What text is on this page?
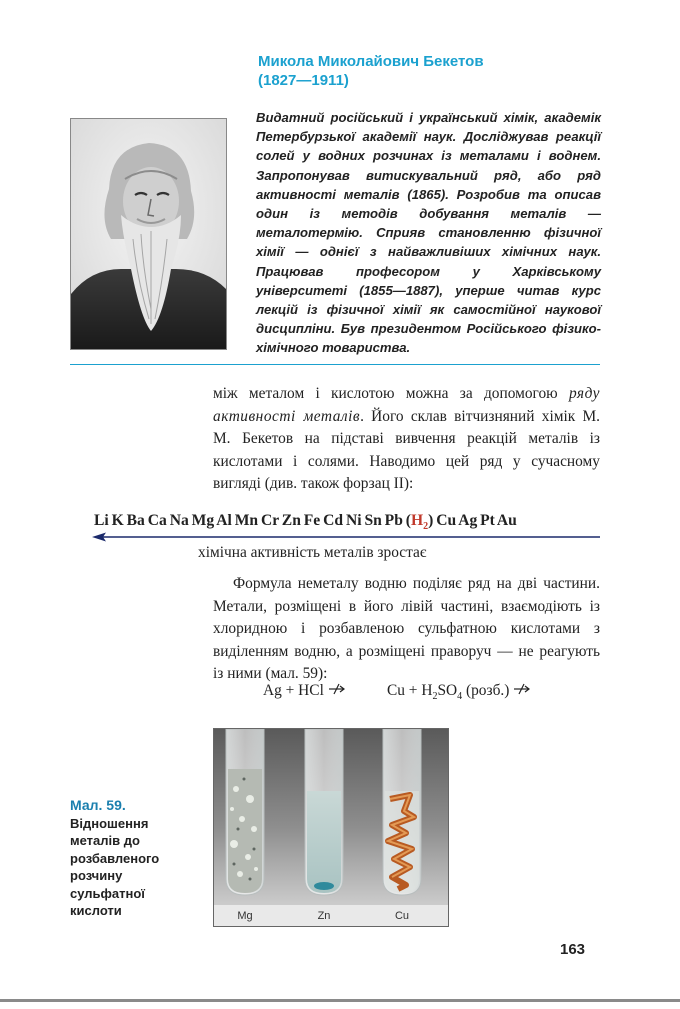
Микола Миколайович Бекетов
(1827—1911)
Видатний російський і український хімік, академік Петербурзької академії наук. Досліджував реакції солей у водних розчинах із металами і воднем. Запропонував витискувальний ряд, або ряд активності металів (1865). Розробив та описав один із методів добування металів — металотермію. Сприяв становленню фізичної хімії — однієї з найважливіших хімічних наук. Працював професором у Харківському університеті (1855—1887), уперше читав курс лекцій із фізичної хімії як самостійної наукової дисципліни. Був президентом Російського фізико-хімічного товариства.
між металом і кислотою можна за допомогою ряду активності металів. Його склав вітчизняний хімік М. М. Бекетов на підставі вивчення реакцій металів із кислотами і солями. Наводимо цей ряд у сучасному вигляді (див. також форзац II):
Li K Ba Ca Na Mg Al Mn Cr Zn Fe Cd Ni Sn Pb $(H_2)$ Cu Ag Pt Au
хімічна активність металів зростає
Формула неметалу водню поділяє ряд на дві частини. Метали, розміщені в його лівій частині, взаємодіють із хлоридною і розбавленою сульфатною кислотами з виділенням водню, а розміщені праворуч — не реагують із ними (мал. 59):
Ag + HCl	$Cu + H_2SO_4$ (розб.)
Mg	Zn	Cu
Мал. 59.
Відношення металів до розбавленого розчину сульфатної кислоти
163
